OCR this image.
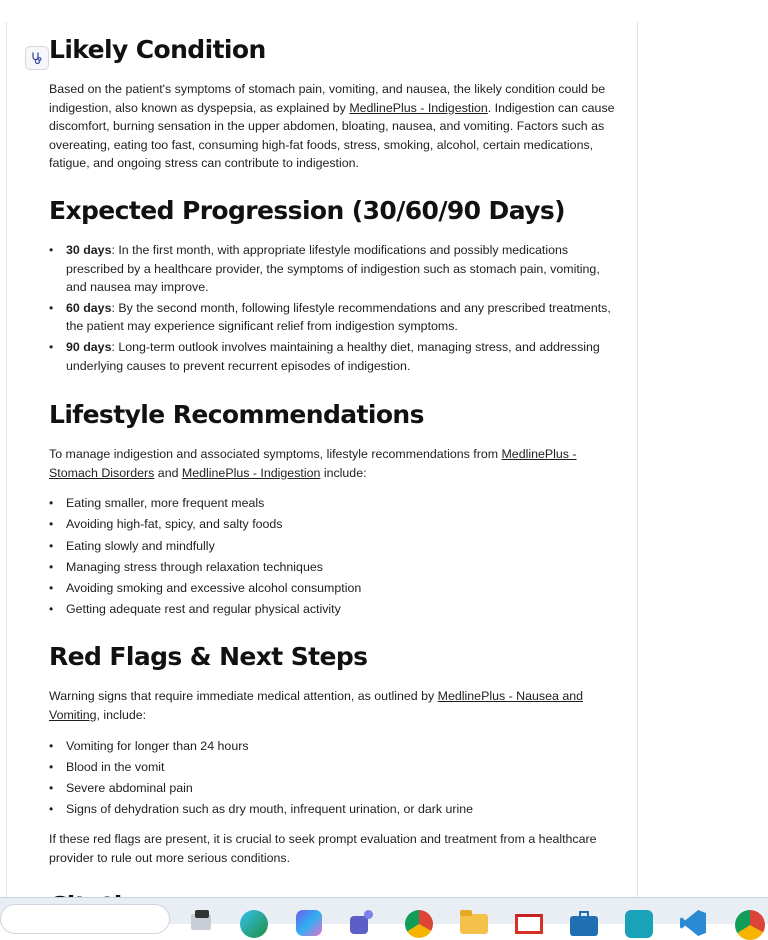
Likely Condition

Based on the patient's symptoms of stomach pain, vomiting, and nausea, the likely condition could be indigestion, also known as dyspepsia, as explained by MedlinePlus - Indigestion. Indigestion can cause discomfort, burning sensation in the upper abdomen, bloating, nausea, and vomiting. Factors such as overeating, eating too fast, consuming high-fat foods, stress, smoking, alcohol, certain medications, fatigue, and ongoing stress can contribute to indigestion.

Expected Progression (30/60/90 Days)
• 30 days: In the first month, with appropriate lifestyle modifications and possibly medications prescribed by a healthcare provider, the symptoms of indigestion such as stomach pain, vomiting, and nausea may improve.
• 60 days: By the second month, following lifestyle recommendations and any prescribed treatments, the patient may experience significant relief from indigestion symptoms.
• 90 days: Long-term outlook involves maintaining a healthy diet, managing stress, and addressing underlying causes to prevent recurrent episodes of indigestion.
Lifestyle Recommendations

To manage indigestion and associated symptoms, lifestyle recommendations from MedlinePlus - Stomach Disorders and MedlinePlus - Indigestion include:

• Eating smaller, more frequent meals
• Avoiding high-fat, spicy, and salty foods
• Eating slowly and mindfully
• Managing stress through relaxation techniques
• Avoiding smoking and excessive alcohol consumption
• Getting adequate rest and regular physical activity
Red Flags & Next Steps

Warning signs that require immediate medical attention, as outlined by MedlinePlus - Nausea and Vomiting, include:

• Vomiting for longer than 24 hours
• Blood in the vomit
• Severe abdominal pain
• Signs of dehydration such as dry mouth, infrequent urination, or dark urine

If these red flags are present, it is crucial to seek prompt evaluation and treatment from a healthcare provider to rule out more serious conditions.
